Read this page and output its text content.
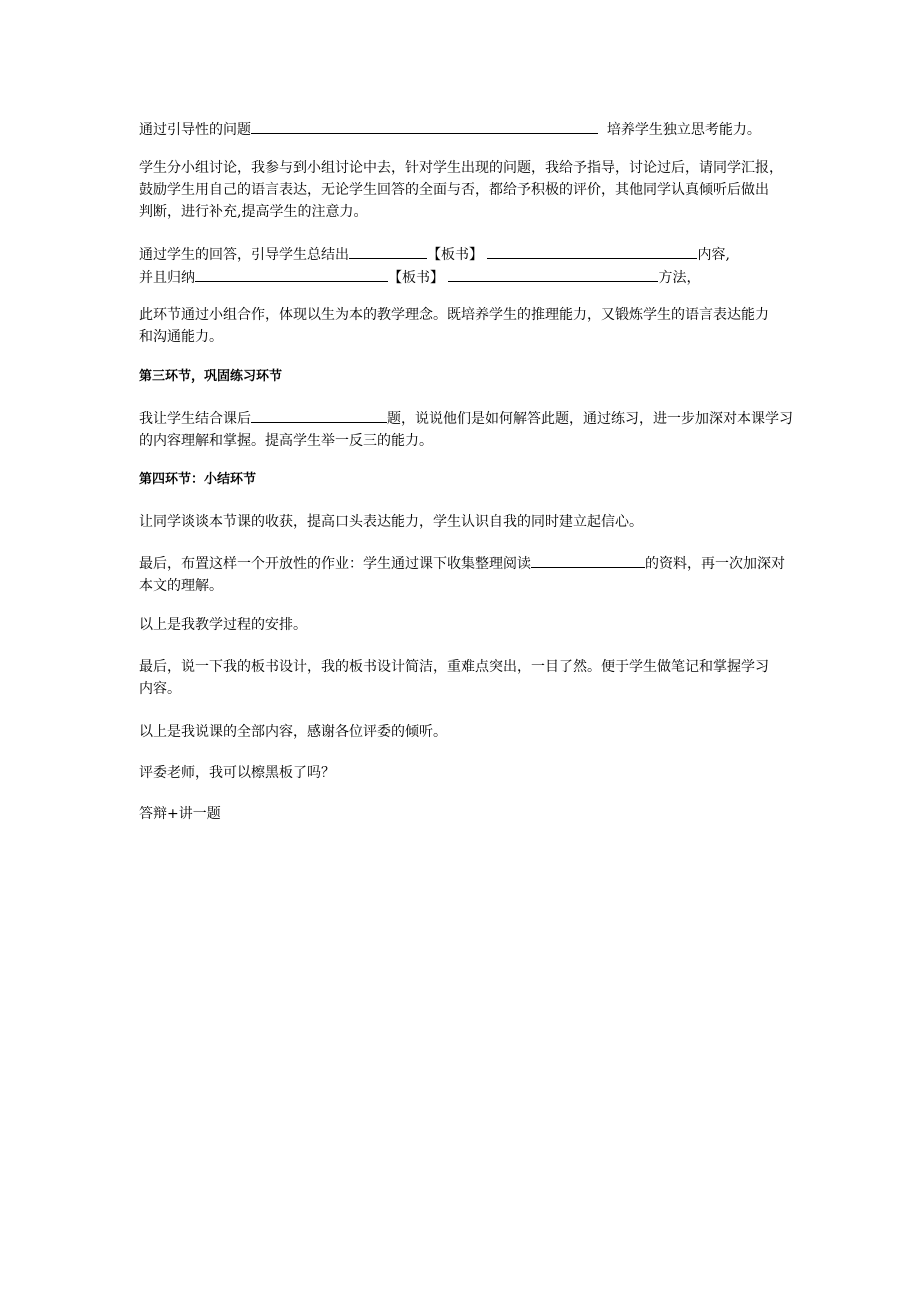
通过引导性的问题	培养学生独立思考能力。
学生分小组讨论，我参与到小组讨论中去，针对学生出现的问题，我给予指导，讨论过后，请同学汇报，
鼓励学生用自己的语言表达，无论学生回答的全面与否，都给予积极的评价，其他同学认真倾听后做出
判断，进行补充,提高学生的注意力。
通过学生的回答，引导学生总结出	【板书】	内容,
并且归纳	【板书】	方法，
此环节通过小组合作，体现以生为本的教学理念。既培养学生的推理能力，又锻炼学生的语言表达能力
和沟通能力。

第三环节，巩固练习环节

我让学生结合课后	题，说说他们是如何解答此题，通过练习，进一步加深对本课学习
的内容理解和掌握。提高学生举一反三的能力。

第四环节：小结环节

让同学谈谈本节课的收获，提高口头表达能力，学生认识自我的同时建立起信心。
最后，布置这样一个开放性的作业：学生通过课下收集整理阅读	的资料，再一次加深对
本文的理解。
以上是我教学过程的安排。
最后，说一下我的板书设计，我的板书设计简洁，重难点突出，一目了然。便于学生做笔记和掌握学习
内容。
以上是我说课的全部内容，感谢各位评委的倾听。
评委老师，我可以檫黑板了吗？
答辩+讲一题
